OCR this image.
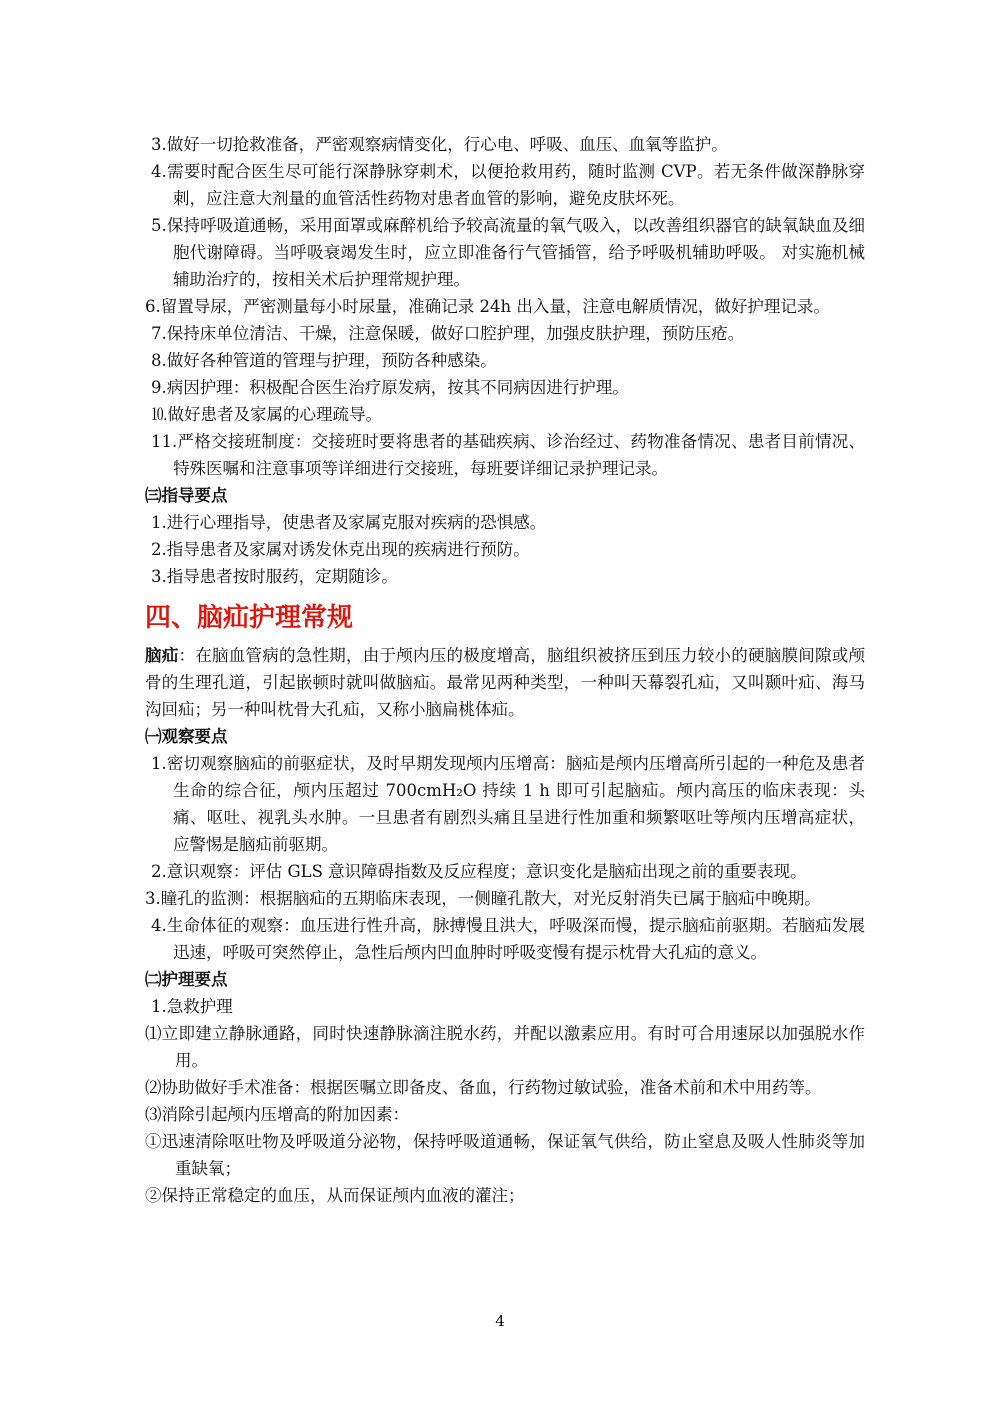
3.做好一切抢救准备，严密观察病情变化，行心电、呼吸、血压、血氧等监护。

4.需要时配合医生尽可能行深静脉穿刺术，以便抢救用药，随时监测 CVP。若无条件做深静脉穿刺，应注意大剂量的血管活性药物对患者血管的影响，避免皮肤坏死。

5.保持呼吸道通畅，采用面罩或麻醉机给予较高流量的氧气吸入，以改善组织器官的缺氧缺血及细胞代谢障碍。当呼吸衰竭发生时，应立即准备行气管插管，给予呼吸机辅助呼吸。 对实施机械辅助治疗的，按相关术后护理常规护理。

6.留置导尿，严密测量每小时尿量，准确记录 24h 出入量，注意电解质情况，做好护理记录。

7.保持床单位清洁、干燥，注意保暖，做好口腔护理，加强皮肤护理，预防压疮。

8.做好各种管道的管理与护理，预防各种感染。

9.病因护理：积极配合医生治疗原发病，按其不同病因进行护理。

⒑做好患者及家属的心理疏导。

11.严格交接班制度：交接班时要将患者的基础疾病、诊治经过、药物准备情况、患者目前情况、特殊医嘱和注意事项等详细进行交接班，每班要详细记录护理记录。

㈢指导要点

1.进行心理指导，使患者及家属克服对疾病的恐惧感。

2.指导患者及家属对诱发休克出现的疾病进行预防。

3.指导患者按时服药，定期随诊。

四、脑疝护理常规

脑疝：在脑血管病的急性期，由于颅内压的极度增高，脑组织被挤压到压力较小的硬脑膜间隙或颅骨的生理孔道，引起嵌顿时就叫做脑疝。最常见两种类型，一种叫天幕裂孔疝，又叫颞叶疝、海马沟回疝；另一种叫枕骨大孔疝，又称小脑扁桃体疝。

㈠观察要点

1.密切观察脑疝的前驱症状，及时早期发现颅内压增高：脑疝是颅内压增高所引起的一种危及患者生命的综合征，颅内压超过 700cmH₂O 持续 1 h 即可引起脑疝。颅内高压的临床表现：头痛、呕吐、视乳头水肿。一旦患者有剧烈头痛且呈进行性加重和频繁呕吐等颅内压增高症状，应警惕是脑疝前驱期。

2.意识观察：评估 GLS 意识障碍指数及反应程度；意识变化是脑疝出现之前的重要表现。

3.瞳孔的监测：根据脑疝的五期临床表现，一侧瞳孔散大，对光反射消失已属于脑疝中晚期。

4.生命体征的观察：血压进行性升高，脉搏慢且洪大，呼吸深而慢，提示脑疝前驱期。若脑疝发展迅速，呼吸可突然停止，急性后颅内凹血肿时呼吸变慢有提示枕骨大孔疝的意义。

㈡护理要点

1.急救护理

⑴立即建立静脉通路，同时快速静脉滴注脱水药，并配以激素应用。有时可合用速尿以加强脱水作用。

⑵协助做好手术准备：根据医嘱立即备皮、备血，行药物过敏试验，准备术前和术中用药等。

⑶消除引起颅内压增高的附加因素：

①迅速清除呕吐物及呼吸道分泌物，保持呼吸道通畅，保证氧气供给，防止窒息及吸人性肺炎等加重缺氧；

②保持正常稳定的血压，从而保证颅内血液的灌注；

4
